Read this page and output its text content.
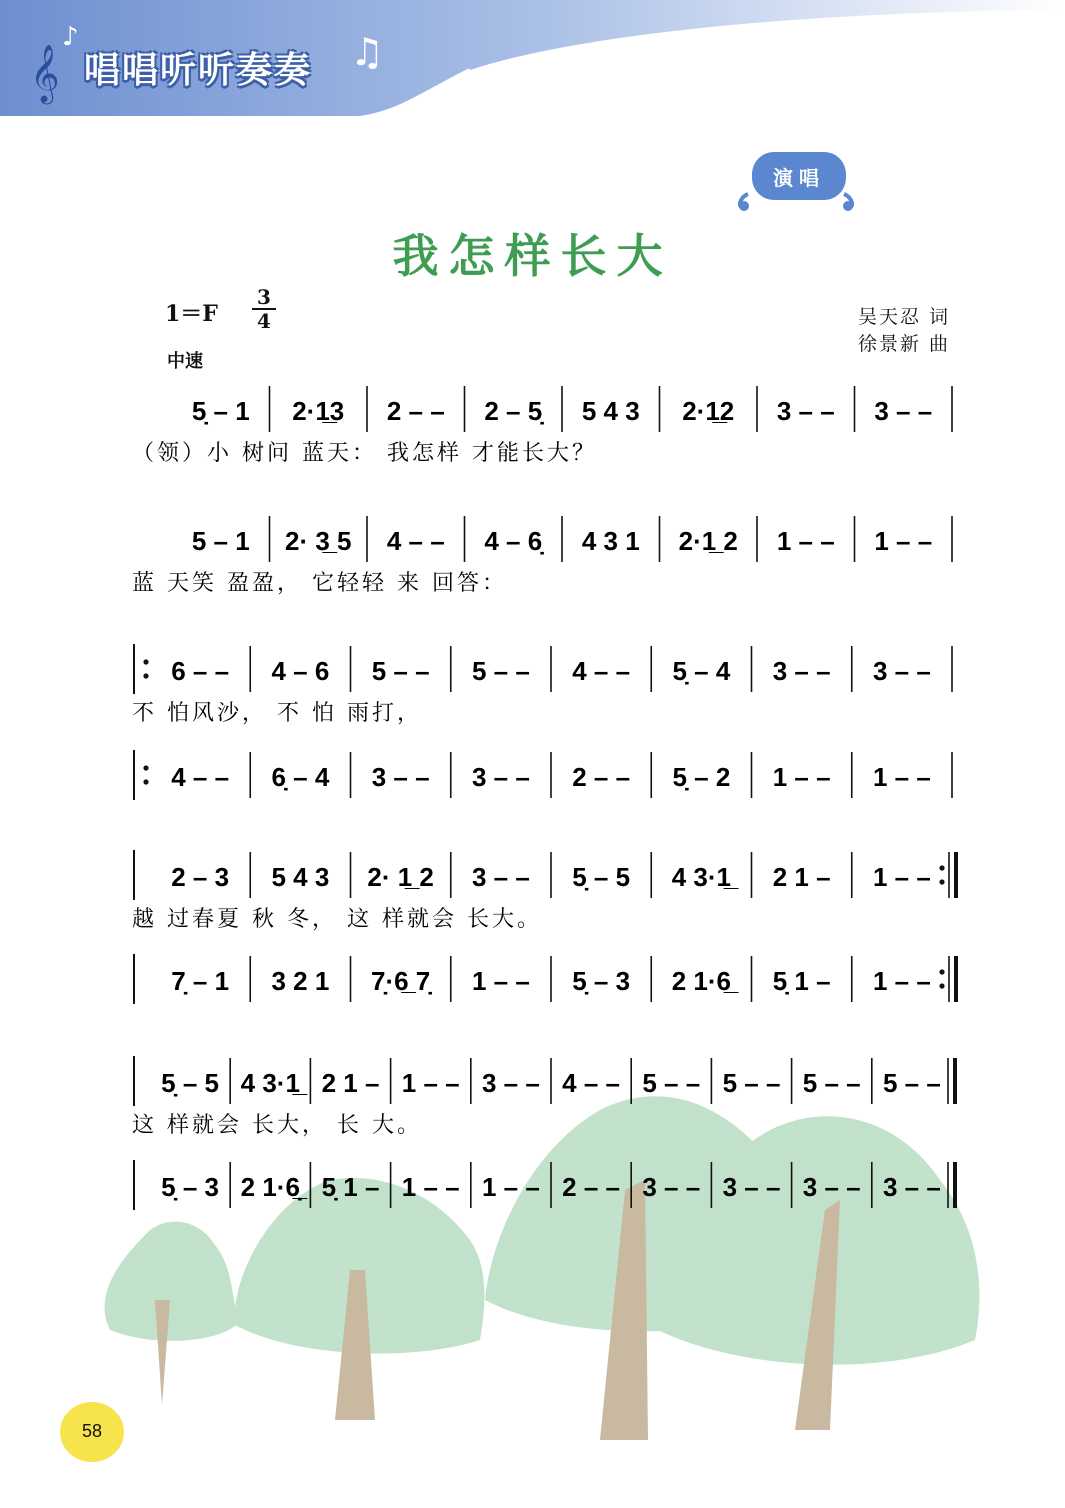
𝄞
♪
唱唱听听奏奏 ♫
演唱
我怎样长大
$1=F \frac{3}{4}$
中速
吴天忍 词
徐景新 曲
5̣ – 1 2·1̲3 2 – – 2 – 5̣ 5 4 3 2·1̲2 3 – – 3 – –
（领）小 树问 蓝天： 我怎样 才能长大？
5 – 1 2· 3̲ 5 4 – – 4 – 6̣ 4 3 1 2·1̲ 2 1 – – 1 – –
蓝 天笑 盈盈， 它轻轻 来 回答：
6 – – 4 – 6 5 – – 5 – – 4 – – 5̣ – 4 3 – – 3 – –
不 怕风沙， 不 怕 雨打，
4 – – 6̣ – 4 3 – – 3 – – 2 – – 5̣ – 2 1 – – 1 – –
2 – 3 5 4 3 2· 1̲ 2 3 – – 5̣ – 5 4 3·1̲	2 1 – 1 – –
越 过春夏 秋 冬， 这 样就会 长大。
7̣ – 1 3 2 1 7̣·6̲ 7̣ 1 – – 5̣ – 3 2 1·6̲	5̣ 1 – 1 – –
5̣ – 5 4 3·1̲ 2 1 – 1 – – 3 – – 4 – – 5 – – 5 – – 5 – – 5 – –
这 样就会 长大， 长 大。
5̣ – 3 2 1·6̣̲ 5̣ 1 – 1 – – 1 – – 2 – – 3 – – 3 – – 3 – – 3 – –
58
